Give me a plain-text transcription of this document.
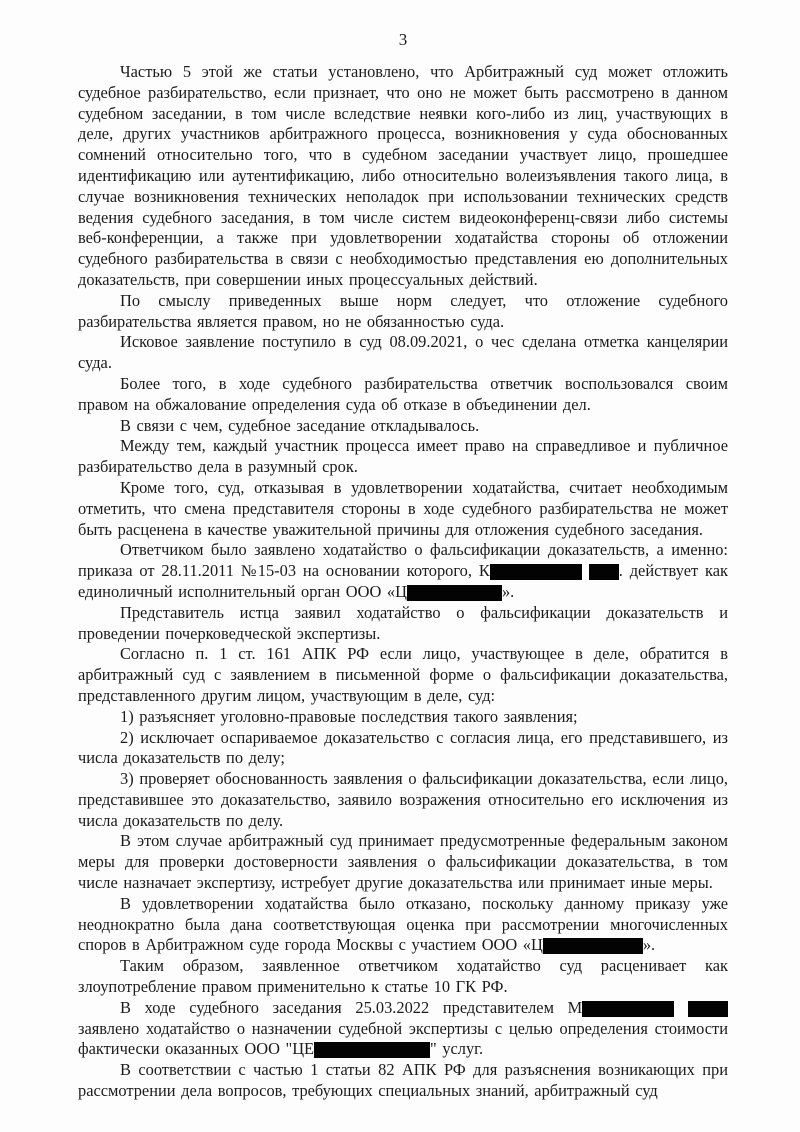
3

Частью 5 этой же статьи установлено, что Арбитражный суд может отложить судебное разбирательство, если признает, что оно не может быть рассмотрено в данном судебном заседании, в том числе вследствие неявки кого-либо из лиц, участвующих в деле, других участников арбитражного процесса, возникновения у суда обоснованных сомнений относительно того, что в судебном заседании участвует лицо, прошедшее идентификацию или аутентификацию, либо относительно волеизъявления такого лица, в случае возникновения технических неполадок при использовании технических средств ведения судебного заседания, в том числе систем видеоконференц-связи либо системы веб-конференции, а также при удовлетворении ходатайства стороны об отложении судебного разбирательства в связи с необходимостью представления ею дополнительных доказательств, при совершении иных процессуальных действий.

По смыслу приведенных выше норм следует, что отложение судебного разбирательства является правом, но не обязанностью суда.

Исковое заявление поступило в суд 08.09.2021, о чес сделана отметка канцелярии суда.

Более того, в ходе судебного разбирательства ответчик воспользовался своим правом на обжалование определения суда об отказе в объединении дел.

В связи с чем, судебное заседание откладывалось.

Между тем, каждый участник процесса имеет право на справедливое и публичное разбирательство дела в разумный срок.

Кроме того, суд, отказывая в удовлетворении ходатайства, считает необходимым отметить, что смена представителя стороны в ходе судебного разбирательства не может быть расценена в качестве уважительной причины для отложения судебного заседания.

Ответчиком было заявлено ходатайство о фальсификации доказательств, а именно: приказа от 28.11.2011 №15-03 на основании которого, К	. действует как единоличный исполнительный орган ООО «Ц	».

Представитель истца заявил ходатайство о фальсификации доказательств и проведении почерковедческой экспертизы.

Согласно п. 1 ст. 161 АПК РФ если лицо, участвующее в деле, обратится в арбитражный суд с заявлением в письменной форме о фальсификации доказательства, представленного другим лицом, участвующим в деле, суд:

1) разъясняет уголовно-правовые последствия такого заявления;

2) исключает оспариваемое доказательство с согласия лица, его представившего, из числа доказательств по делу;

3) проверяет обоснованность заявления о фальсификации доказательства, если лицо, представившее это доказательство, заявило возражения относительно его исключения из числа доказательств по делу.

В этом случае арбитражный суд принимает предусмотренные федеральным законом меры для проверки достоверности заявления о фальсификации доказательства, в том числе назначает экспертизу, истребует другие доказательства или принимает иные меры.

В удовлетворении ходатайства было отказано, поскольку данному приказу уже неоднократно была дана соответствующая оценка при рассмотрении многочисленных споров в Арбитражном суде города Москвы с участием ООО «Ц	».

Таким образом, заявленное ответчиком ходатайство суд расценивает как злоупотребление правом применительно к статье 10 ГК РФ.

В ходе судебного заседания 25.03.2022 представителем М  заявлено ходатайство о назначении судебной экспертизы с целью определения стоимости фактически оказанных ООО "ЦЕ	" услуг.

В соответствии с частью 1 статьи 82 АПК РФ для разъяснения возникающих при рассмотрении дела вопросов, требующих специальных знаний, арбитражный суд
